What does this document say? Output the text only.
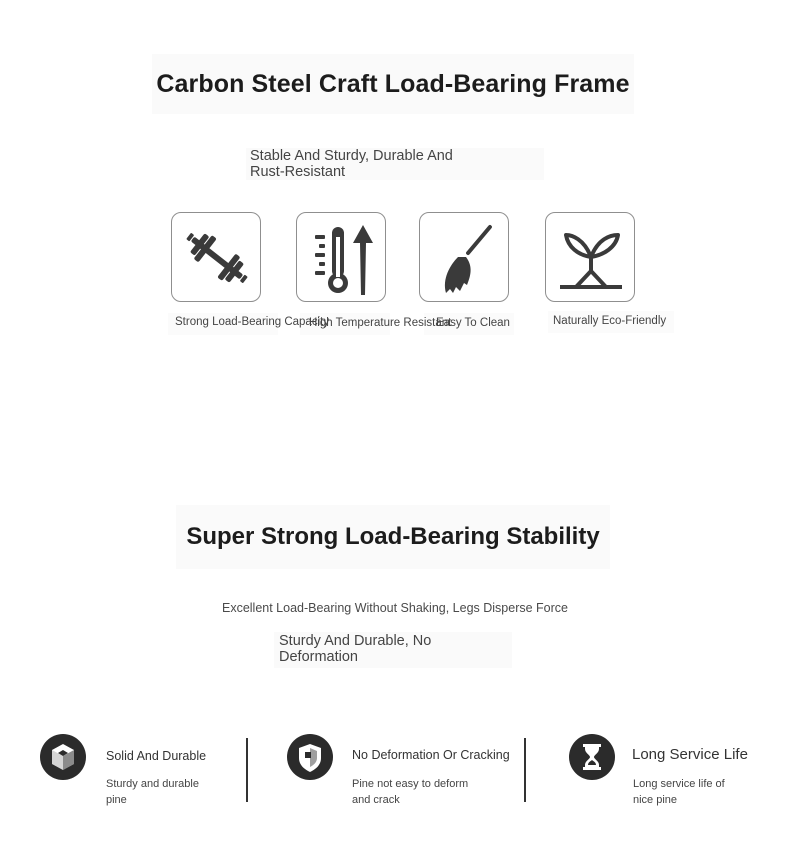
Carbon Steel Craft Load-Bearing Frame
Stable And Sturdy, Durable And Rust-Resistant
Strong Load-Bearing Capacity
High Temperature Resistant
Easy To Clean	Naturally Eco-Friendly
Super Strong Load-Bearing Stability
Excellent Load-Bearing Without Shaking, Legs Disperse Force
Sturdy And Durable, No Deformation
Solid And Durable
Sturdy and durable pine
No Deformation Or Cracking
Pine not easy to deform and crack
Long Service Life
Long service life of nice pine
